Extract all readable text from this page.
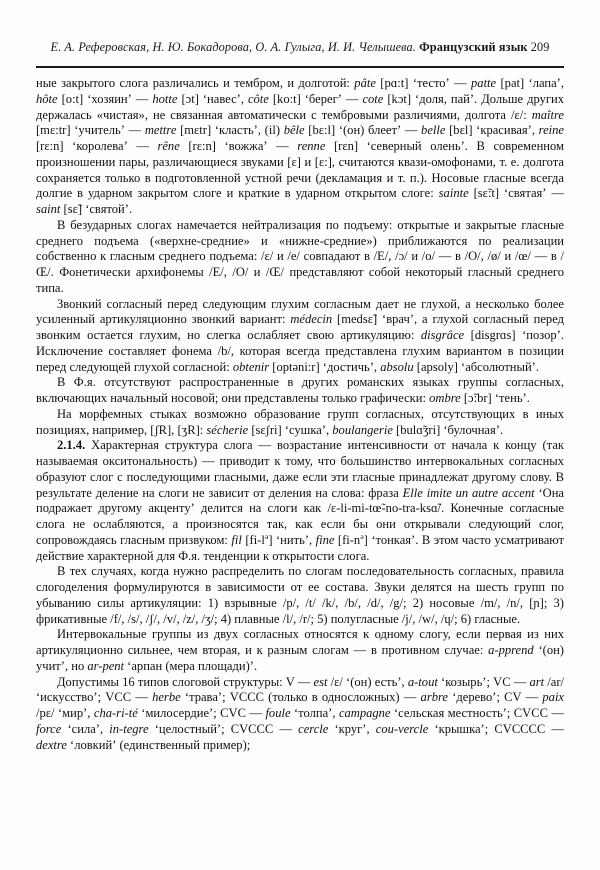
Е. А. Реферовская, Н. Ю. Бокадорова, О. А. Гулыга, И. И. Челышева. Французский язык 209

ные закрытого слога различались и тембром, и долготой: pâte [pɑ:t] ʻтестоʼ — patte [pat] ʻлапаʼ, hôte [o:t] ʻхозяинʼ — hotte [ɔt] ʻнавесʼ, côte [ko:t] ʻберегʼ — cote [kɔt] ʻдоля, пайʼ. Дольше других держалась «чистая», не связанная автоматически с тембровыми различиями, долгота /ɛ/: maître [mɛ:tr] ʻучительʼ — mettre [mɛtr] ʻкластьʼ, (il) bêle [bɛ:l] ʻ(он) блеетʼ — belle [bɛl] ʻкрасиваяʼ, reine [rɛ:n] ʻкоролеваʼ — rêne [rɛ:n] ʻвожжаʼ — renne [rɛn] ʻсеверный оленьʼ. В современном произношении пары, различающиеся звуками [ɛ] и [ɛ:], считаются квази-омофонами, т. е. долгота сохраняется только в подготовленной устной речи (декламация и т. п.). Носовые гласные всегда долгие в ударном закрытом слоге и краткие в ударном открытом слоге: sainte [sɛ̃:t] ʻсвятаяʼ — saint [sɛ̃] ʻсвятойʼ.

В безударных слогах намечается нейтрализация по подъему: открытые и закрытые гласные среднего подъема («верхне-средние» и «нижне-средние») приближаются по реализации собственно к гласным среднего подъема: /ɛ/ и /e/ совпадают в /E/, /ɔ/ и /o/ — в /O/, /ø/ и /œ/ — в /Œ/. Фонетически архифонемы /E/, /O/ и /Œ/ представляют собой некоторый гласный среднего типа.

Звонкий согласный перед следующим глухим согласным дает не глухой, а несколько более усиленный артикуляционно звонкий вариант: médecin [medsɛ̃] ʻврачʼ, а глухой согласный перед звонким остается глухим, но слегка ослабляет свою артикуляцию: disgrâce [disgrɑs] ʻпозорʼ. Исключение составляет фонема /b/, которая всегда представлена глухим вариантом в позиции перед следующей глухой согласной: obtenir [optəni:r] ʻдостичьʼ, absolu [apsoly] ʻабсолютныйʼ.

В Ф.я. отсутствуют распространенные в других романских языках группы согласных, включающих начальный носовой; они представлены только графически: ombre [ɔ̃:br] ʻтеньʼ.

На морфемных стыках возможно образование групп согласных, отсутствующих в иных позициях, например, [ʃR], [ʒR]: sécherie [sɛʃri] ʻсушкаʼ, boulangerie [bulɑ̃ʒri] ʻбулочнаяʼ.

2.1.4. Характерная структура слога — возрастание интенсивности от начала к концу (так называемая окситональность) — приводит к тому, что большинство интервокальных согласных образуют слог с последующими гласными, даже если эти гласные принадлежат другому слову. В результате деление на слоги не зависит от деления на слова: фраза Elle imite un autre accent ʻОна подражает другому акцентуʼ делится на слоги как /ɛ-li-mi-tœ̃-no-tra-ksɑ̃/. Конечные согласные слога не ослабляются, а произносятся так, как если бы они открывали следующий слог, сопровождаясь гласным призвуком: fil $[fi-l^ə]$ ʻнитьʼ, fine $[fi-n^ə]$ ʻтонкаяʼ. В этом часто усматривают действие характерной для Ф.я. тенденции к открытости слога.

В тех случаях, когда нужно распределить по слогам последовательность согласных, правила слогоделения формулируются в зависимости от ее состава. Звуки делятся на шесть групп по убыванию силы артикуляции: 1) взрывные /p/, /t/ /k/, /b/, /d/, /g/; 2) носовые /m/, /n/, [ɲ]; 3) фрикативные /f/, /s/, /ʃ/, /v/, /z/, /ʒ/; 4) плавные /l/, /r/; 5) полугласные /j/, /w/, /ɥ/; 6) гласные.

Интервокальные группы из двух согласных относятся к одному слогу, если первая из них артикуляционно сильнее, чем вторая, и к разным слогам — в противном случае: a-pprend ʻ(он) учитʼ, но ar-pent ʻарпан (мера площади)ʼ.

Допустимы 16 типов слоговой структуры: V — est /ɛ/ ʻ(он) естьʼ, a-tout ʻкозырьʼ; VC — art /ar/ ʻискусствоʼ; VCC — herbe ʻтраваʼ; VCCC (только в односложных) — arbre ʻдеревоʼ; CV — paix /pɛ/ ʻмирʼ, cha-ri-té ʻмилосердиеʼ; CVC — foule ʻтолпаʼ, campagne ʻсельская местностьʼ; CVCC — force ʻсилаʼ, in-tegre ʻцелостныйʼ; CVCCC — cercle ʻкругʼ, cou-vercle ʻкрышкаʼ; CVCCCC — dextre ʻловкийʼ (единственный пример);
